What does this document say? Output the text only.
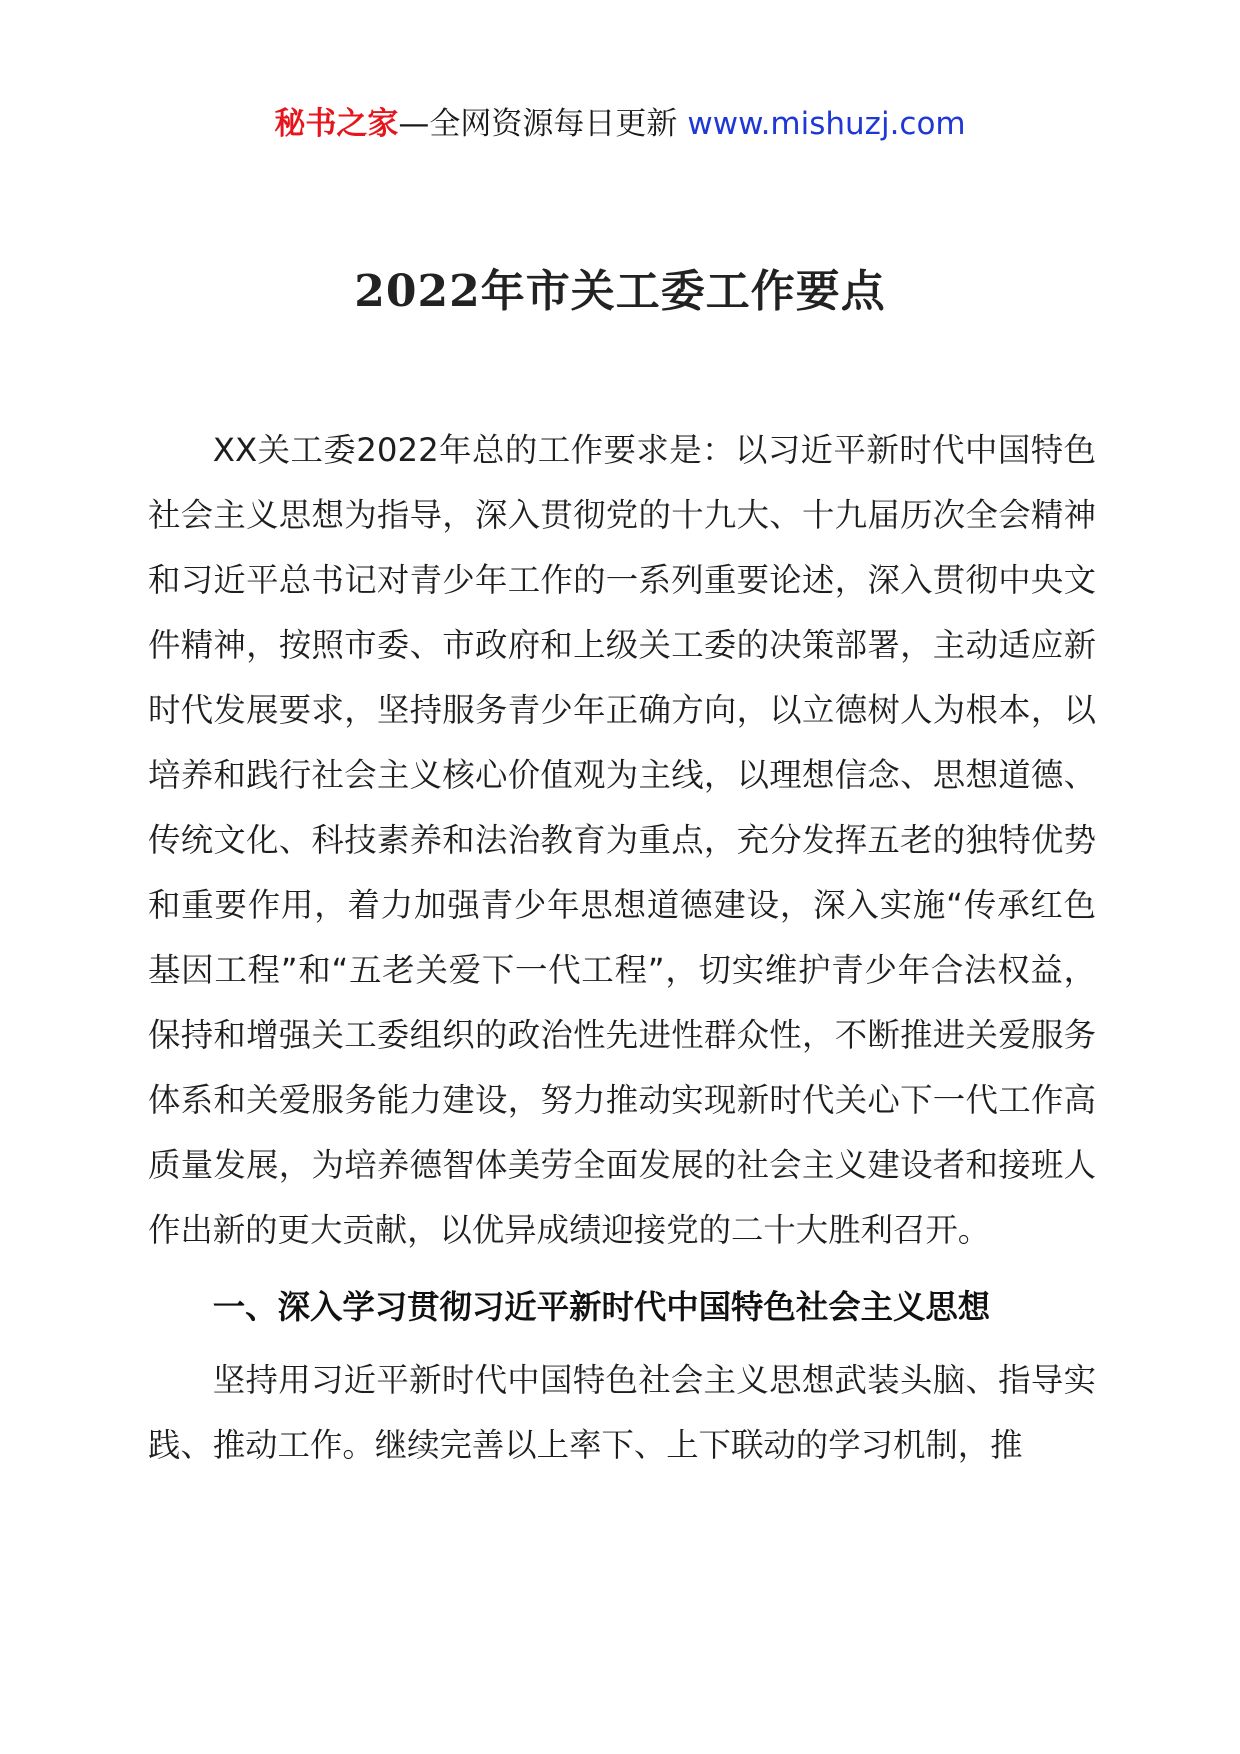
秘书之家—全网资源每日更新 www.mishuzj.com
2022年市关工委工作要点

XX关工委2022年总的工作要求是：以习近平新时代中国特色社会主义思想为指导，深入贯彻党的十九大、十九届历次全会精神和习近平总书记对青少年工作的一系列重要论述，深入贯彻中央文件精神，按照市委、市政府和上级关工委的决策部署，主动适应新时代发展要求，坚持服务青少年正确方向，以立德树人为根本，以培养和践行社会主义核心价值观为主线，以理想信念、思想道德、传统文化、科技素养和法治教育为重点，充分发挥五老的独特优势和重要作用，着力加强青少年思想道德建设，深入实施“传承红色基因工程”和“五老关爱下一代工程”，切实维护青少年合法权益，保持和增强关工委组织的政治性先进性群众性，不断推进关爱服务体系和关爱服务能力建设，努力推动实现新时代关心下一代工作高质量发展，为培养德智体美劳全面发展的社会主义建设者和接班人作出新的更大贡献，以优异成绩迎接党的二十大胜利召开。

一、深入学习贯彻习近平新时代中国特色社会主义思想

坚持用习近平新时代中国特色社会主义思想武装头脑、指导实践、推动工作。继续完善以上率下、上下联动的学习机制，推
